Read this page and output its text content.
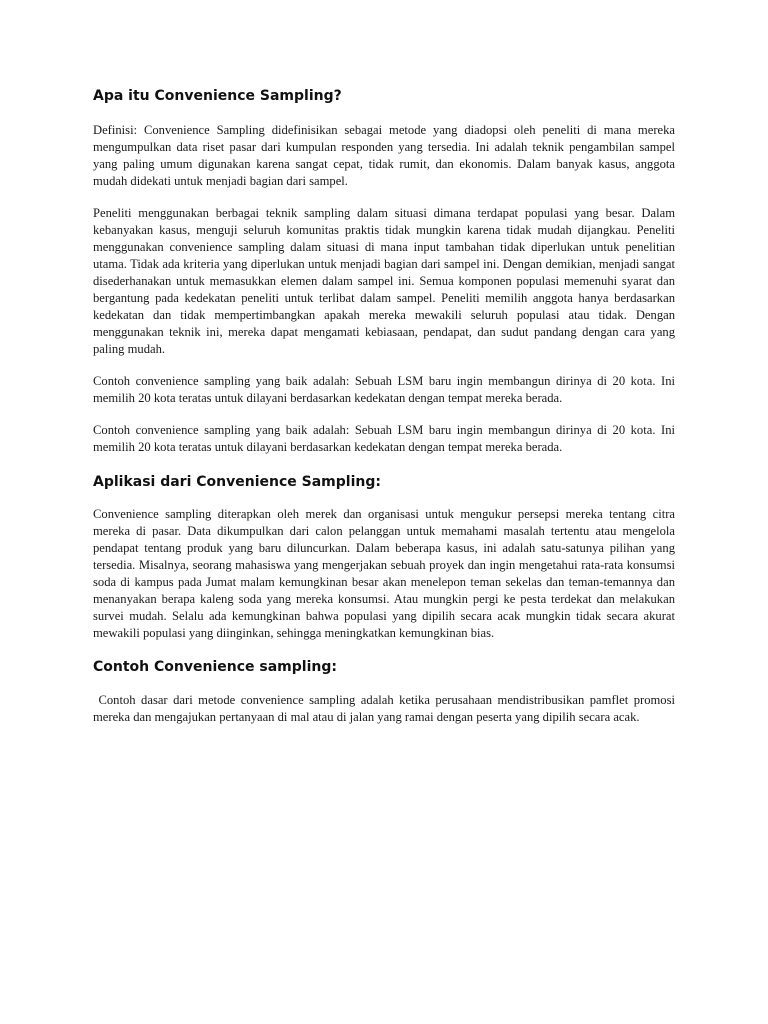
Apa itu Convenience Sampling?

Definisi: Convenience Sampling didefinisikan sebagai metode yang diadopsi oleh peneliti di mana mereka mengumpulkan data riset pasar dari kumpulan responden yang tersedia. Ini adalah teknik pengambilan sampel yang paling umum digunakan karena sangat cepat, tidak rumit, dan ekonomis. Dalam banyak kasus, anggota mudah didekati untuk menjadi bagian dari sampel.

Peneliti menggunakan berbagai teknik sampling dalam situasi dimana terdapat populasi yang besar. Dalam kebanyakan kasus, menguji seluruh komunitas praktis tidak mungkin karena tidak mudah dijangkau. Peneliti menggunakan convenience sampling dalam situasi di mana input tambahan tidak diperlukan untuk penelitian utama. Tidak ada kriteria yang diperlukan untuk menjadi bagian dari sampel ini. Dengan demikian, menjadi sangat disederhanakan untuk memasukkan elemen dalam sampel ini. Semua komponen populasi memenuhi syarat dan bergantung pada kedekatan peneliti untuk terlibat dalam sampel. Peneliti memilih anggota hanya berdasarkan kedekatan dan tidak mempertimbangkan apakah mereka mewakili seluruh populasi atau tidak. Dengan menggunakan teknik ini, mereka dapat mengamati kebiasaan, pendapat, dan sudut pandang dengan cara yang paling mudah.

Contoh convenience sampling yang baik adalah: Sebuah LSM baru ingin membangun dirinya di 20 kota. Ini memilih 20 kota teratas untuk dilayani berdasarkan kedekatan dengan tempat mereka berada.

Contoh convenience sampling yang baik adalah: Sebuah LSM baru ingin membangun dirinya di 20 kota. Ini memilih 20 kota teratas untuk dilayani berdasarkan kedekatan dengan tempat mereka berada.

Aplikasi dari Convenience Sampling:

Convenience sampling diterapkan oleh merek dan organisasi untuk mengukur persepsi mereka tentang citra mereka di pasar. Data dikumpulkan dari calon pelanggan untuk memahami masalah tertentu atau mengelola pendapat tentang produk yang baru diluncurkan. Dalam beberapa kasus, ini adalah satu-satunya pilihan yang tersedia. Misalnya, seorang mahasiswa yang mengerjakan sebuah proyek dan ingin mengetahui rata-rata konsumsi soda di kampus pada Jumat malam kemungkinan besar akan menelepon teman sekelas dan teman-temannya dan menanyakan berapa kaleng soda yang mereka konsumsi. Atau mungkin pergi ke pesta terdekat dan melakukan survei mudah. Selalu ada kemungkinan bahwa populasi yang dipilih secara acak mungkin tidak secara akurat mewakili populasi yang diinginkan, sehingga meningkatkan kemungkinan bias.

Contoh Convenience sampling:

Contoh dasar dari metode convenience sampling adalah ketika perusahaan mendistribusikan pamflet promosi mereka dan mengajukan pertanyaan di mal atau di jalan yang ramai dengan peserta yang dipilih secara acak.
